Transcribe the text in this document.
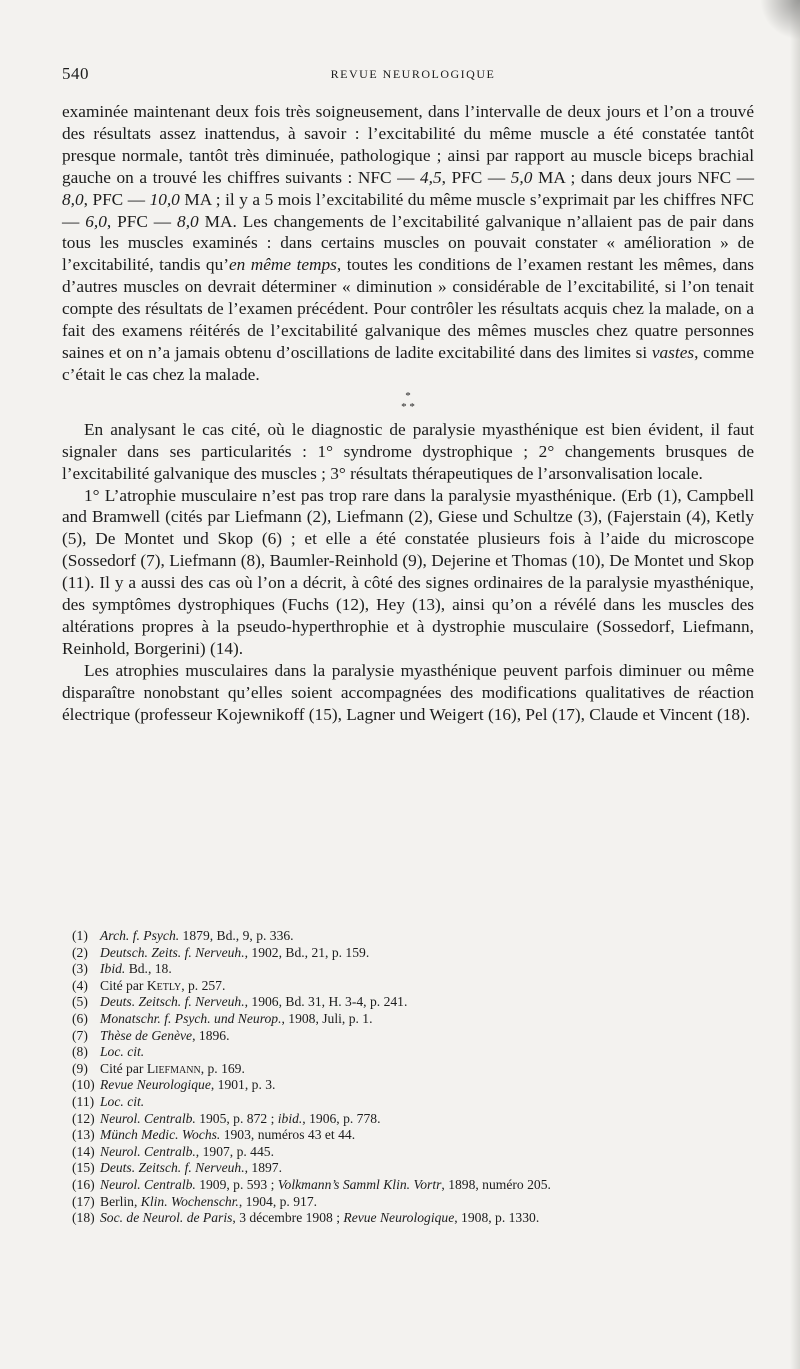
540	REVUE NEUROLOGIQUE

examinée maintenant deux fois très soigneusement, dans l’intervalle de deux jours et l’on a trouvé des résultats assez inattendus, à savoir : l’excitabilité du même muscle a été constatée tantôt presque normale, tantôt très diminuée, pathologique ; ainsi par rapport au muscle biceps brachial gauche on a trouvé les chiffres suivants : NFC — 4,5, PFC — 5,0 MA ; dans deux jours NFC — 8,0, PFC — 10,0 MA ; il y a 5 mois l’excitabilité du même muscle s’exprimait par les chiffres NFC — 6,0, PFC — 8,0 MA. Les changements de l’excitabilité galvanique n’allaient pas de pair dans tous les muscles examinés : dans certains muscles on pouvait constater « amélioration » de l’excitabilité, tandis qu’en même temps, toutes les conditions de l’examen restant les mêmes, dans d’autres muscles on devrait déterminer « diminution » considérable de l’excitabilité, si l’on tenait compte des résultats de l’examen précédent. Pour contrôler les résultats acquis chez la malade, on a fait des examens réitérés de l’excitabilité galvanique des mêmes muscles chez quatre personnes saines et on n’a jamais obtenu d’oscillations de ladite excitabilité dans des limites si vastes, comme c’était le cas chez la malade.

*
* *

En analysant le cas cité, où le diagnostic de paralysie myasthénique est bien évident, il faut signaler dans ses particularités : 1° syndrome dystrophique ; 2° changements brusques de l’excitabilité galvanique des muscles ; 3° résultats thérapeutiques de l’arsonvalisation locale.

1° L’atrophie musculaire n’est pas trop rare dans la paralysie myasthénique. (Erb (1), Campbell and Bramwell (cités par Liefmann (2), Liefmann (2), Giese und Schultze (3), (Fajerstain (4), Ketly (5), De Montet und Skop (6) ; et elle a été constatée plusieurs fois à l’aide du microscope (Sossedorf (7), Liefmann (8), Baumler-Reinhold (9), Dejerine et Thomas (10), De Montet und Skop (11). Il y a aussi des cas où l’on a décrit, à côté des signes ordinaires de la paralysie myasthénique, des symptômes dystrophiques (Fuchs (12), Hey (13), ainsi qu’on a révélé dans les muscles des altérations propres à la pseudo-hyperthrophie et à dystrophie musculaire (Sossedorf, Liefmann, Reinhold, Borgerini) (14).

Les atrophies musculaires dans la paralysie myasthénique peuvent parfois diminuer ou même disparaître nonobstant qu’elles soient accompagnées des modifications qualitatives de réaction électrique (professeur Kojewnikoff (15), Lagner und Weigert (16), Pel (17), Claude et Vincent (18).

(1) Arch. f. Psych. 1879, Bd., 9, p. 336.
(2) Deutsch. Zeits. f. Nerveuh., 1902, Bd., 21, p. 159.
(3) Ibid. Bd., 18.
(4) Cité par Ketly, p. 257.
(5) Deuts. Zeitsch. f. Nerveuh., 1906, Bd. 31, H. 3-4, p. 241.
(6) Monatschr. f. Psych. und Neurop., 1908, Juli, p. 1.
(7) Thèse de Genève, 1896.
(8) Loc. cit.
(9) Cité par Liefmann, p. 169.
(10) Revue Neurologique, 1901, p. 3.
(11) Loc. cit.
(12) Neurol. Centralb. 1905, p. 872 ; ibid., 1906, p. 778.
(13) Münch Medic. Wochs. 1903, numéros 43 et 44.
(14) Neurol. Centralb., 1907, p. 445.
(15) Deuts. Zeitsch. f. Nerveuh., 1897.
(16) Neurol. Centralb. 1909, p. 593 ; Volkmann’s Samml Klin. Vortr, 1898, numéro 205.
(17) Berlin, Klin. Wochenschr., 1904, p. 917.
(18) Soc. de Neurol. de Paris, 3 décembre 1908 ; Revue Neurologique, 1908, p. 1330.
